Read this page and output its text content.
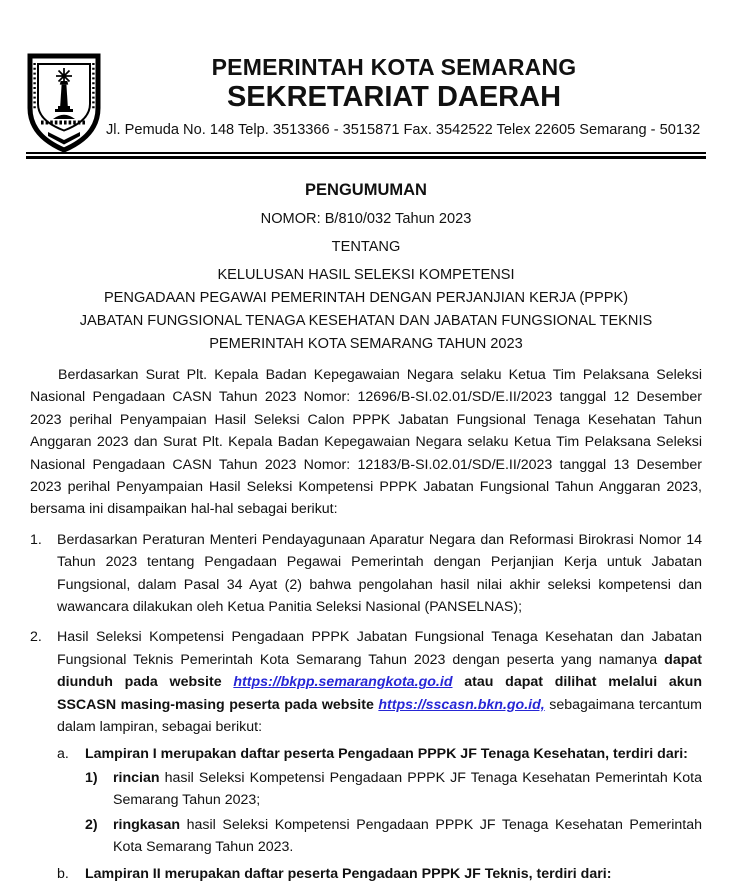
PEMERINTAH KOTA SEMARANG
SEKRETARIAT DAERAH
Jl. Pemuda No. 148 Telp. 3513366 - 3515871 Fax. 3542522 Telex 22605 Semarang - 50132
PENGUMUMAN
NOMOR: B/810/032 Tahun 2023
TENTANG
KELULUSAN HASIL SELEKSI KOMPETENSI
PENGADAAN PEGAWAI PEMERINTAH DENGAN PERJANJIAN KERJA (PPPK)
JABATAN FUNGSIONAL TENAGA KESEHATAN DAN JABATAN FUNGSIONAL TEKNIS
PEMERINTAH KOTA SEMARANG TAHUN 2023

Berdasarkan Surat Plt. Kepala Badan Kepegawaian Negara selaku Ketua Tim Pelaksana Seleksi Nasional Pengadaan CASN Tahun 2023 Nomor: 12696/B-SI.02.01/SD/E.II/2023 tanggal 12 Desember 2023 perihal Penyampaian Hasil Seleksi Calon PPPK Jabatan Fungsional Tenaga Kesehatan Tahun Anggaran 2023 dan Surat Plt. Kepala Badan Kepegawaian Negara selaku Ketua Tim Pelaksana Seleksi Nasional Pengadaan CASN Tahun 2023 Nomor: 12183/B-SI.02.01/SD/E.II/2023 tanggal 13 Desember 2023 perihal Penyampaian Hasil Seleksi Kompetensi PPPK Jabatan Fungsional Tahun Anggaran 2023, bersama ini disampaikan hal-hal sebagai berikut:

1.	Berdasarkan Peraturan Menteri Pendayagunaan Aparatur Negara dan Reformasi Birokrasi Nomor 14 Tahun 2023 tentang Pengadaan Pegawai Pemerintah dengan Perjanjian Kerja untuk Jabatan Fungsional, dalam Pasal 34 Ayat (2) bahwa pengolahan hasil nilai akhir seleksi kompetensi dan wawancara dilakukan oleh Ketua Panitia Seleksi Nasional (PANSELNAS);
2.	Hasil Seleksi Kompetensi Pengadaan PPPK Jabatan Fungsional Tenaga Kesehatan dan Jabatan Fungsional Teknis Pemerintah Kota Semarang Tahun 2023 dengan peserta yang namanya dapat diunduh pada website https://bkpp.semarangkota.go.id atau dapat dilihat melalui akun SSCASN masing-masing peserta pada website https://sscasn.bkn.go.id, sebagaimana tercantum dalam lampiran, sebagai berikut:
a.	Lampiran I merupakan daftar peserta Pengadaan PPPK JF Tenaga Kesehatan, terdiri dari:
1)	rincian hasil Seleksi Kompetensi Pengadaan PPPK JF Tenaga Kesehatan Pemerintah Kota Semarang Tahun 2023;
2)	ringkasan hasil Seleksi Kompetensi Pengadaan PPPK JF Tenaga Kesehatan Pemerintah Kota Semarang Tahun 2023.
b.	Lampiran II merupakan daftar peserta Pengadaan PPPK JF Teknis, terdiri dari:
